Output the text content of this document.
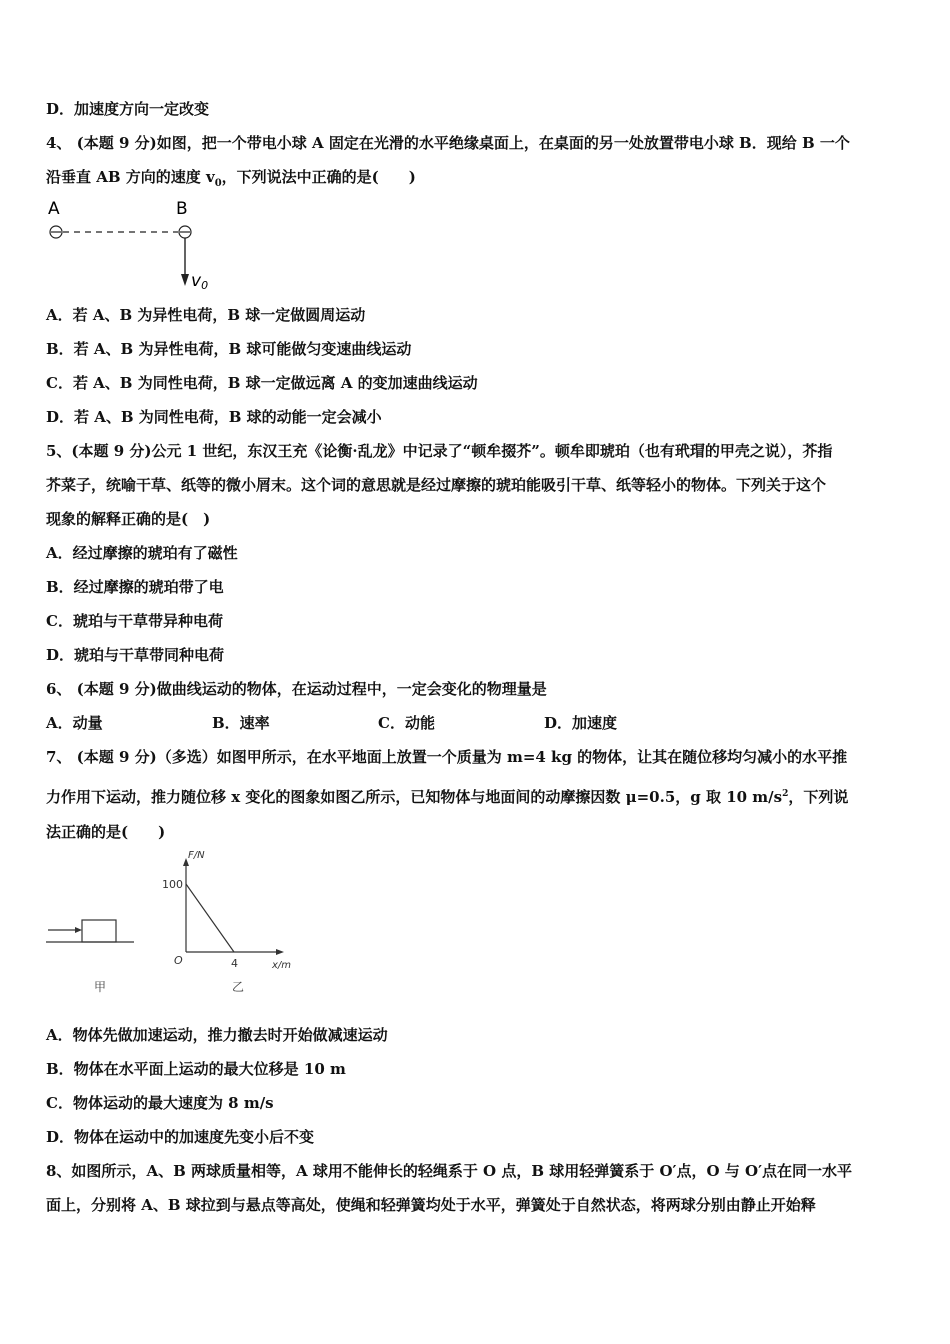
D．加速度方向一定改变
4、 (本题 9 分)如图，把一个带电小球 A 固定在光滑的水平绝缘桌面上，在桌面的另一处放置带电小球 B．现给 B 一个
沿垂直 AB 方向的速度 $v_0$，下列说法中正确的是(　　)
A	B
v0
A．若 A、B 为异性电荷，B 球一定做圆周运动
B．若 A、B 为异性电荷，B 球可能做匀变速曲线运动
C．若 A、B 为同性电荷，B 球一定做远离 A 的变加速曲线运动
D．若 A、B 为同性电荷，B 球的动能一定会减小
5、(本题 9 分)公元 1 世纪，东汉王充《论衡·乱龙》中记录了“顿牟掇芥”。顿牟即琥珀（也有玳瑁的甲壳之说），芥指
芥菜子，统喻干草、纸等的微小屑末。这个词的意思就是经过摩擦的琥珀能吸引干草、纸等轻小的物体。下列关于这个
现象的解释正确的是(　)
A．经过摩擦的琥珀有了磁性
B．经过摩擦的琥珀带了电
C．琥珀与干草带异种电荷
D．琥珀与干草带同种电荷
6、 (本题 9 分)做曲线运动的物体，在运动过程中，一定会变化的物理量是
A．动量	B．速率	C．动能	D．加速度
7、 (本题 9 分)（多选）如图甲所示，在水平地面上放置一个质量为 m=4 kg 的物体，让其在随位移均匀减小的水平推
力作用下运动，推力随位移 x 变化的图象如图乙所示，已知物体与地面间的动摩擦因数 μ=0.5，g 取 10 $m/s^2$，下列说
法正确的是(　　)
甲
F/N
100
O	4	x/m
乙
A．物体先做加速运动，推力撤去时开始做减速运动
B．物体在水平面上运动的最大位移是 10 m
C．物体运动的最大速度为 8 m/s
D．物体在运动中的加速度先变小后不变
8、如图所示，A、B 两球质量相等，A 球用不能伸长的轻绳系于 O 点，B 球用轻弹簧系于 O′点，O 与 O′点在同一水平
面上，分别将 A、B 球拉到与悬点等高处，使绳和轻弹簧均处于水平，弹簧处于自然状态，将两球分别由静止开始释
